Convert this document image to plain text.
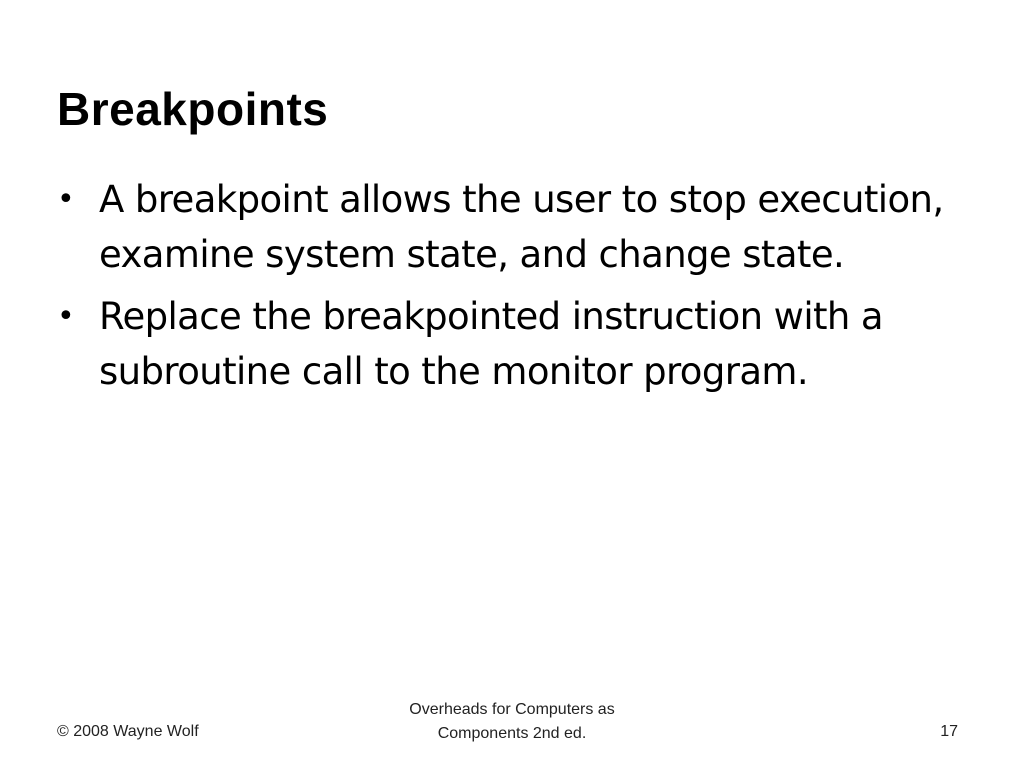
Breakpoints
• A breakpoint allows the user to stop execution, examine system state, and change state.
• Replace the breakpointed instruction with a subroutine call to the monitor program.
© 2008 Wayne Wolf
Overheads for Computers as
Components 2nd ed.	17
